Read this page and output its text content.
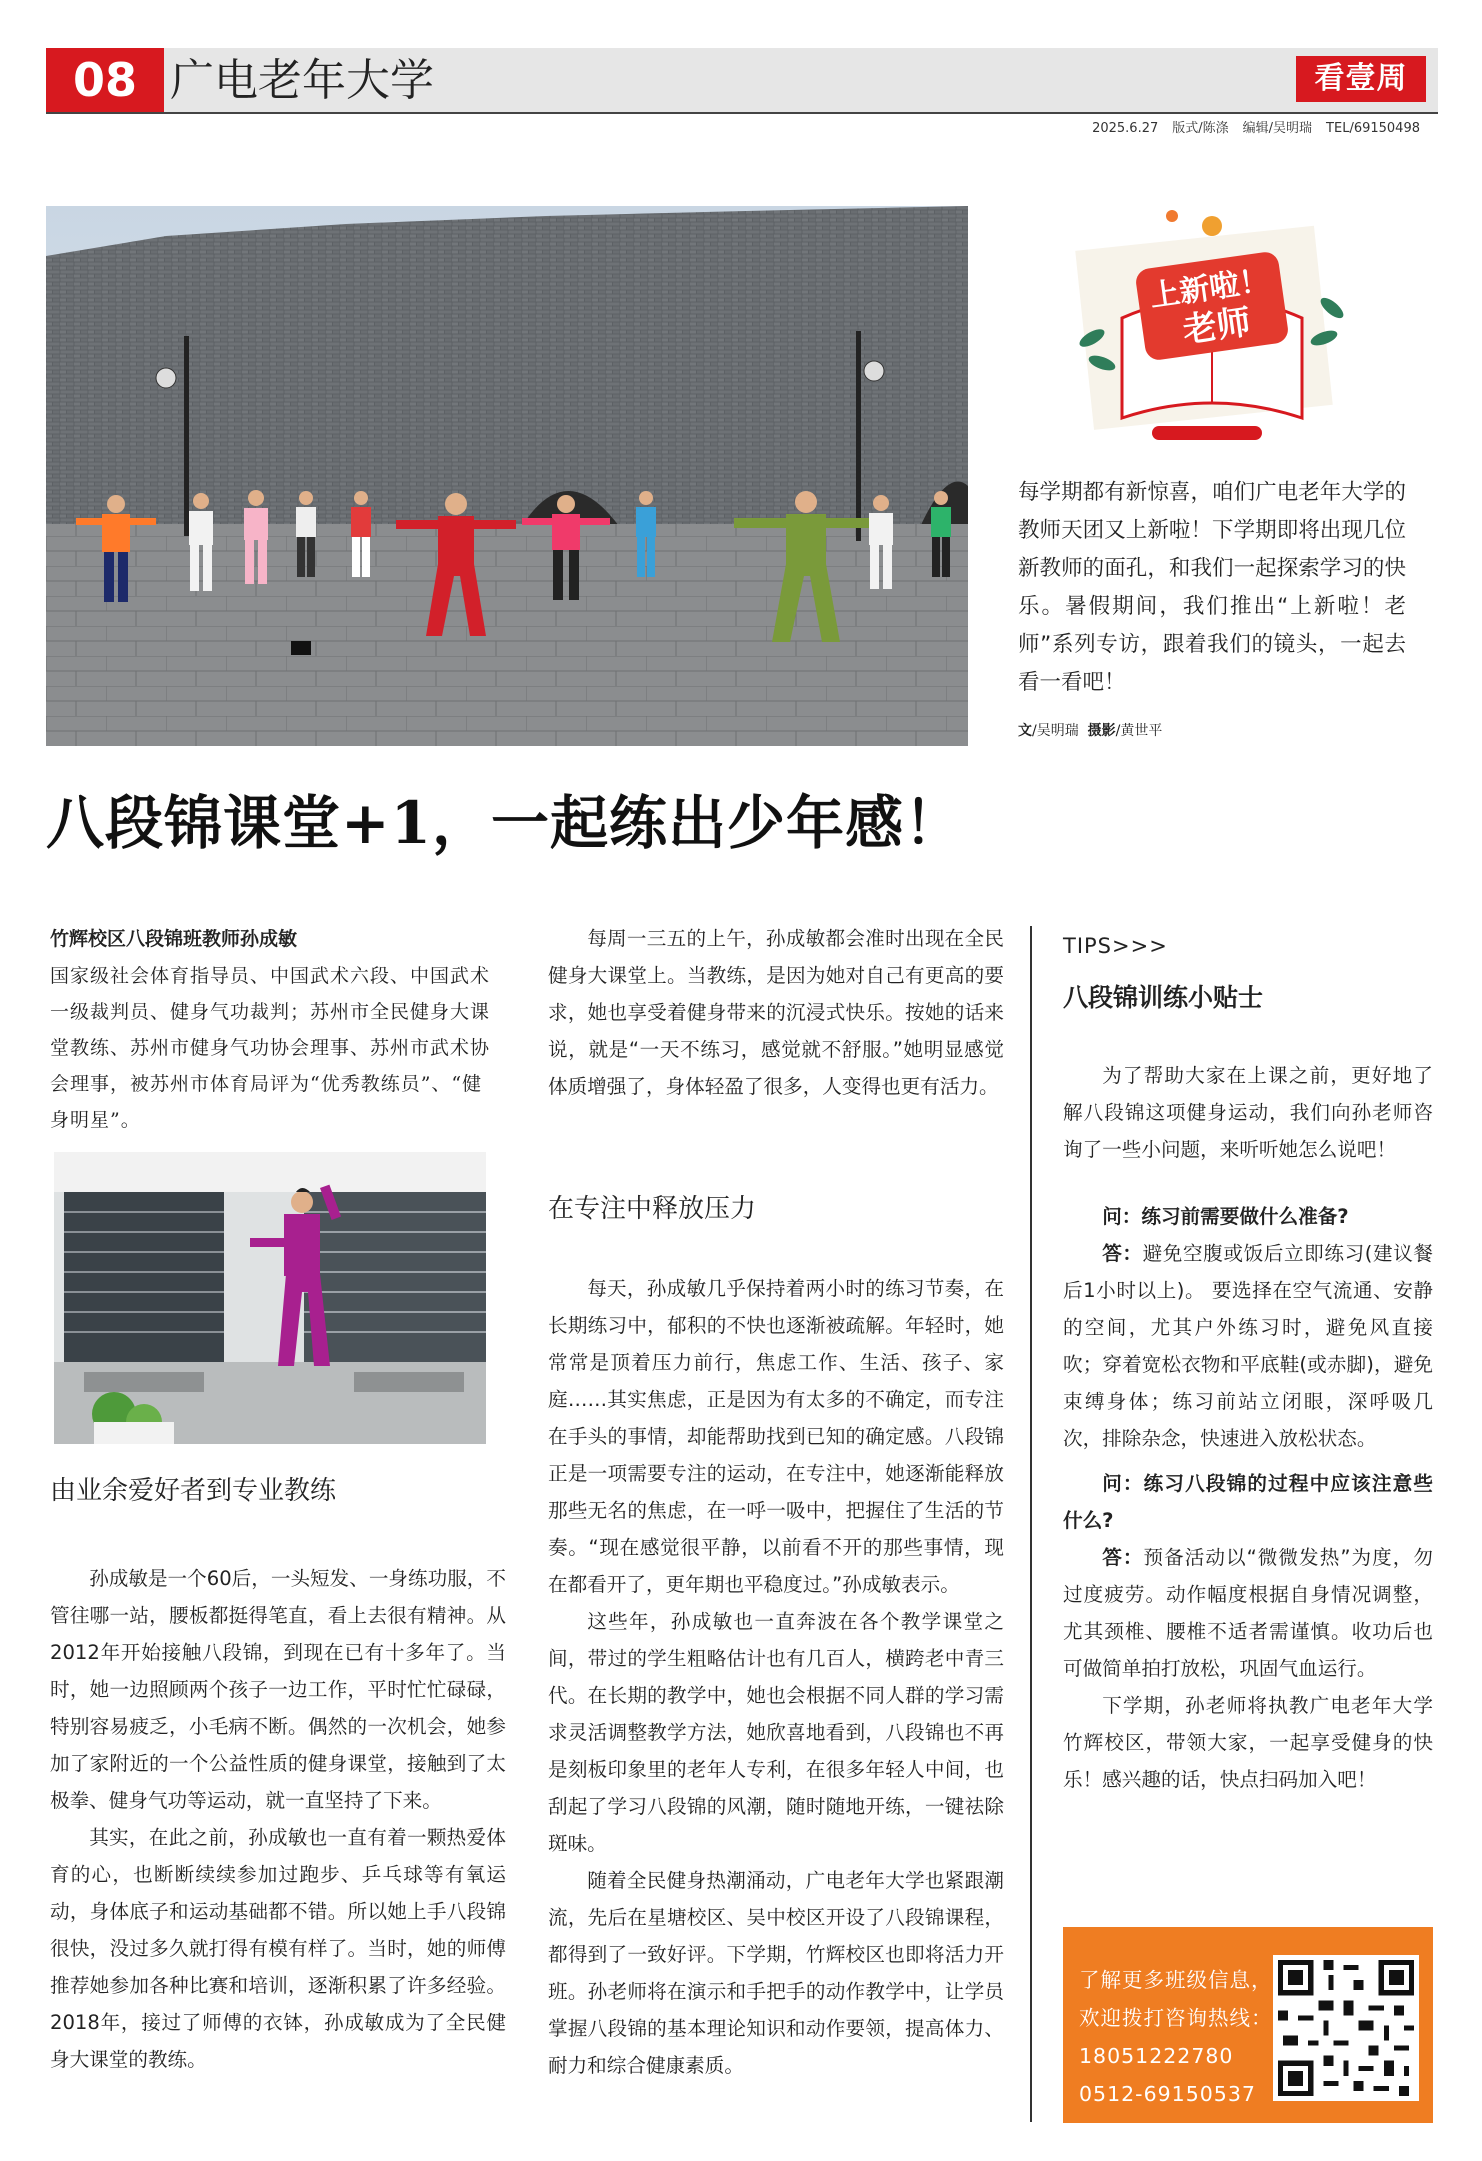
08 广电老年大学	看壹周
2025.6.27 版式/陈涤 编辑/吴明瑞 TEL/69150498
上新啦！
老师
每学期都有新惊喜，咱们广电老年大学的教师天团又上新啦！下学期即将出现几位新教师的面孔，和我们一起探索学习的快乐。暑假期间，我们推出“上新啦！老师”系列专访，跟着我们的镜头，一起去看一看吧！
文/吴明瑞 摄影/黄世平
八段锦课堂+1，一起练出少年感！
竹辉校区八段锦班教师孙成敏
国家级社会体育指导员、中国武术六段、中国武术一级裁判员、健身气功裁判；苏州市全民健身大课堂教练、苏州市健身气功协会理事、苏州市武术协会理事，被苏州市体育局评为“优秀教练员”、“健身明星”。
由业余爱好者到专业教练

孙成敏是一个60后，一头短发、一身练功服，不管往哪一站，腰板都挺得笔直，看上去很有精神。从2012年开始接触八段锦，到现在已有十多年了。当时，她一边照顾两个孩子一边工作，平时忙忙碌碌，特别容易疲乏，小毛病不断。偶然的一次机会，她参加了家附近的一个公益性质的健身课堂，接触到了太极拳、健身气功等运动，就一直坚持了下来。

其实，在此之前，孙成敏也一直有着一颗热爱体育的心，也断断续续参加过跑步、乒乓球等有氧运动，身体底子和运动基础都不错。所以她上手八段锦很快，没过多久就打得有模有样了。当时，她的师傅推荐她参加各种比赛和培训，逐渐积累了许多经验。2018年，接过了师傅的衣钵，孙成敏成为了全民健身大课堂的教练。

每周一三五的上午，孙成敏都会准时出现在全民健身大课堂上。当教练，是因为她对自己有更高的要求，她也享受着健身带来的沉浸式快乐。按她的话来说，就是“一天不练习，感觉就不舒服。”她明显感觉体质增强了，身体轻盈了很多，人变得也更有活力。

在专注中释放压力

每天，孙成敏几乎保持着两小时的练习节奏，在长期练习中，郁积的不快也逐渐被疏解。年轻时，她常常是顶着压力前行，焦虑工作、生活、孩子、家庭……其实焦虑，正是因为有太多的不确定，而专注在手头的事情，却能帮助找到已知的确定感。八段锦正是一项需要专注的运动，在专注中，她逐渐能释放那些无名的焦虑，在一呼一吸中，把握住了生活的节奏。“现在感觉很平静，以前看不开的那些事情，现在都看开了，更年期也平稳度过。”孙成敏表示。

这些年，孙成敏也一直奔波在各个教学课堂之间，带过的学生粗略估计也有几百人，横跨老中青三代。在长期的教学中，她也会根据不同人群的学习需求灵活调整教学方法，她欣喜地看到，八段锦也不再是刻板印象里的老年人专利，在很多年轻人中间，也刮起了学习八段锦的风潮，随时随地开练，一键祛除斑味。

随着全民健身热潮涌动，广电老年大学也紧跟潮流，先后在星塘校区、吴中校区开设了八段锦课程，都得到了一致好评。下学期，竹辉校区也即将活力开班。孙老师将在演示和手把手的动作教学中，让学员掌握八段锦的基本理论知识和动作要领，提高体力、耐力和综合健康素质。

TIPS>>>
八段锦训练小贴士

为了帮助大家在上课之前，更好地了解八段锦这项健身运动，我们向孙老师咨询了一些小问题，来听听她怎么说吧！

问：练习前需要做什么准备?

答：避免空腹或饭后立即练习(建议餐后1小时以上)。 要选择在空气流通、安静的空间，尤其户外练习时，避免风直接吹；穿着宽松衣物和平底鞋(或赤脚)，避免束缚身体；练习前站立闭眼，深呼吸几次，排除杂念，快速进入放松状态。

问：练习八段锦的过程中应该注意些什么?

答：预备活动以“微微发热”为度，勿过度疲劳。动作幅度根据自身情况调整，尤其颈椎、腰椎不适者需谨慎。收功后也可做简单拍打放松，巩固气血运行。

下学期，孙老师将执教广电老年大学竹辉校区，带领大家，一起享受健身的快乐！感兴趣的话，快点扫码加入吧！

了解更多班级信息，
欢迎拨打咨询热线：
18051222780
0512-69150537
